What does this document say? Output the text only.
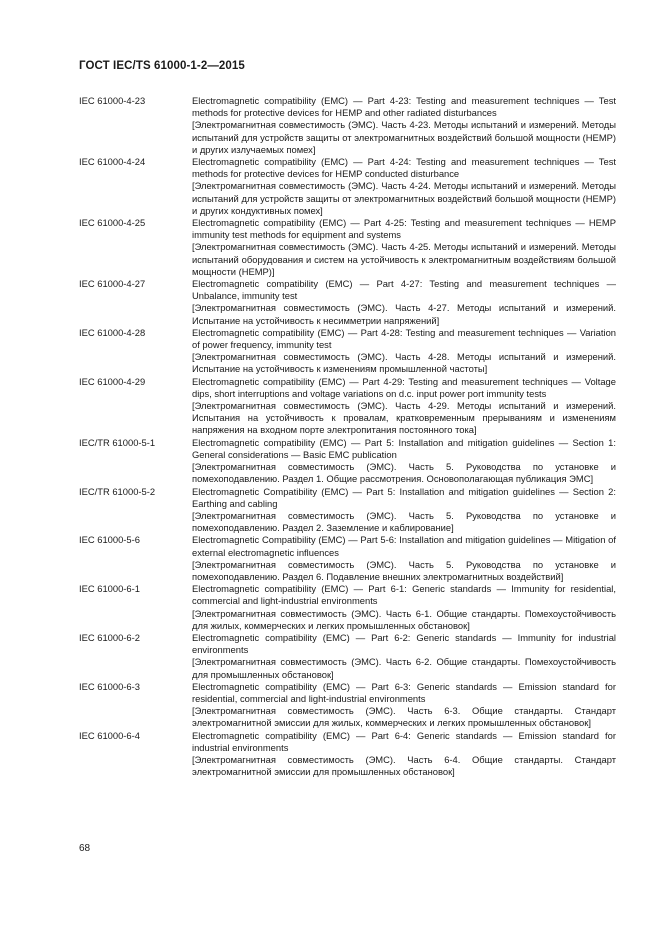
ГОСТ IEC/TS 61000-1-2—2015
IEC 61000-4-23	Electromagnetic compatibility (EMC) — Part 4-23: Testing and measurement techniques — Test methods for protective devices for HEMP and other radiated disturbances

[Электромагнитная совместимость (ЭМС). Часть 4-23. Методы испытаний и измерений. Методы испытаний для устройств защиты от электромагнитных воздействий большой мощности (HEMP) и других излучаемых помех]

IEC 61000-4-24	Electromagnetic compatibility (EMC) — Part 4-24: Testing and measurement techniques — Test methods for protective devices for HEMP conducted disturbance

[Электромагнитная совместимость (ЭМС). Часть 4-24. Методы испытаний и измерений. Методы испытаний для устройств защиты от электромагнитных воздействий большой мощности (HEMP) и других кондуктивных помех]

IEC 61000-4-25	Electromagnetic compatibility (EMC) — Part 4-25: Testing and measurement techniques — HEMP immunity test methods for equipment and systems

[Электромагнитная совместимость (ЭМС). Часть 4-25. Методы испытаний и измерений. Методы испытаний оборудования и систем на устойчивость к электромагнитным воздействиям большой мощности (HEMP)]

IEC 61000-4-27	Electromagnetic compatibility (EMC) — Part 4-27: Testing and measurement techniques — Unbalance, immunity test

[Электромагнитная совместимость (ЭМС). Часть 4-27. Методы испытаний и измерений. Испытание на устойчивость к несимметрии напряжений]

IEC 61000-4-28	Electromagnetic compatibility (EMC) — Part 4-28: Testing and measurement techniques — Variation of power frequency, immunity test

[Электромагнитная совместимость (ЭМС). Часть 4-28. Методы испытаний и измерений. Испытание на устойчивость к изменениям промышленной частоты]

IEC 61000-4-29	Electromagnetic compatibility (EMC) — Part 4-29: Testing and measurement techniques — Voltage dips, short interruptions and voltage variations on d.c. input power port immunity tests

[Электромагнитная совместимость (ЭМС). Часть 4-29. Методы испытаний и измерений. Испытания на устойчивость к провалам, кратковременным прерываниям и изменениям напряжения на входном порте электропитания постоянного тока]

IEC/TR 61000-5-1	Electromagnetic compatibility (EMC) — Part 5: Installation and mitigation guidelines — Section 1: General considerations — Basic EMC publication

[Электромагнитная совместимость (ЭМС). Часть 5. Руководства по установке и помехоподавлению. Раздел 1. Общие рассмотрения. Основополагающая публикация ЭМС]

IEC/TR 61000-5-2	Electromagnetic Compatibility (EMC) — Part 5: Installation and mitigation guidelines — Section 2: Earthing and cabling

[Электромагнитная совместимость (ЭМС). Часть 5. Руководства по установке и помехоподавлению. Раздел 2. Заземление и каблирование]

IEC 61000-5-6	Electromagnetic Compatibility (EMC) — Part 5-6: Installation and mitigation guidelines — Mitigation of external electromagnetic influences

[Электромагнитная совместимость (ЭМС). Часть 5. Руководства по установке и помехоподавлению. Раздел 6. Подавление внешних электромагнитных воздействий]

IEC 61000-6-1	Electromagnetic compatibility (EMC) — Part 6-1: Generic standards — Immunity for residential, commercial and light-industrial environments

[Электромагнитная совместимость (ЭМС). Часть 6-1. Общие стандарты. Помехоустойчивость для жилых, коммерческих и легких промышленных обстановок]

IEC 61000-6-2	Electromagnetic compatibility (EMC) — Part 6-2: Generic standards — Immunity for industrial environments

[Электромагнитная совместимость (ЭМС). Часть 6-2. Общие стандарты. Помехоустойчивость для промышленных обстановок]

IEC 61000-6-3	Electromagnetic compatibility (EMC) — Part 6-3: Generic standards — Emission standard for residential, commercial and light-industrial environments

[Электромагнитная совместимость (ЭМС). Часть 6-3. Общие стандарты. Стандарт электромагнитной эмиссии для жилых, коммерческих и легких промышленных обстановок]

IEC 61000-6-4	Electromagnetic compatibility (EMC) — Part 6-4: Generic standards — Emission standard for industrial environments

[Электромагнитная совместимость (ЭМС). Часть 6-4. Общие стандарты. Стандарт электромагнитной эмиссии для промышленных обстановок]

68
